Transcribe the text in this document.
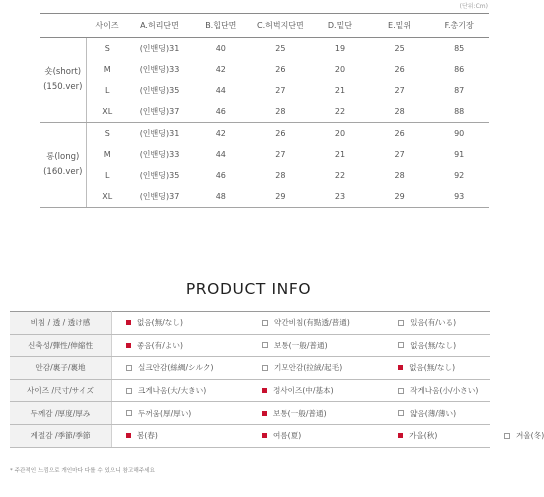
(단위:Cm)
	사이즈	A.허리단면	B.힙단면	C.허벅지단면	D.밑단	E.밑위	F.총기장

숏(short)
(150.ver)	S	(인밴딩)31	40	25	19	25	85
	M	(인밴딩)33	42	26	20	26	86
	L	(인밴딩)35	44	27	21	27	87
	XL	(인밴딩)37	46	28	22	28	88

롱(long)
(160.ver)	S	(인밴딩)31	42	26	20	26	90
	M	(인밴딩)33	44	27	21	27	91
	L	(인밴딩)35	46	28	22	28	92
	XL	(인밴딩)37	48	29	23	29	93
PRODUCT INFO
비침 / 透 / 透け感	없음(無/なし)	약간비침(有點透/普通)	있음(有/いる)	

신축성/彈性/伸縮性	좋음(有/よい)	보통(一般/普通)	없음(無/なし)	

안감/裏子/裏地	실크안감(絲綢/シルク)	기모안감(拉絨/起毛)	없음(無/なし)	

사이즈 /尺寸/サイズ	크게나옴(大/大きい)	정사이즈(中/基本)	작게나옴(小/小さい)	

두께감 /厚度/厚み	두꺼움(厚/厚い)	보통(一般/普通)	얇음(薄/薄い)	

계절감 /季節/季節	봄(春)	여름(夏)	가을(秋)	겨울(冬)
* 주관적인 느낌으로 개인마다 다를 수 있으니 참고해주세요
